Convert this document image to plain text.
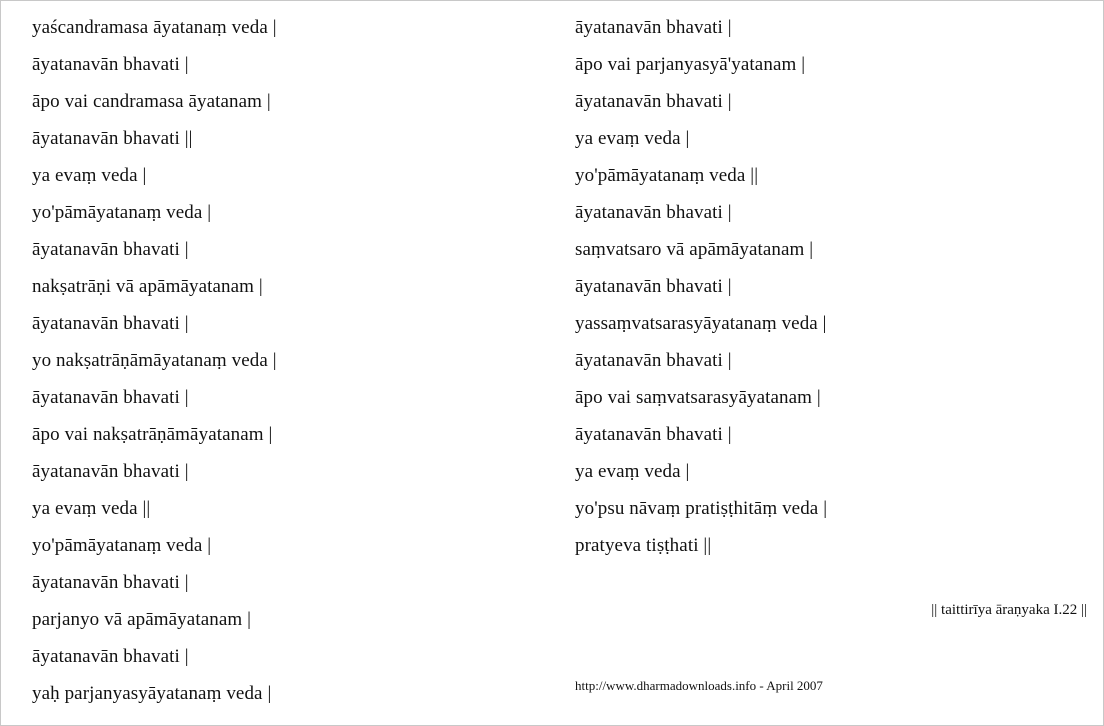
yaścandramasa āyatanaṃ veda |
āyatanavān bhavati |
āpo vai candramasa āyatanam |
āyatanavān bhavati ||
ya evaṃ veda |
yo'pāmāyatanaṃ veda |
āyatanavān bhavati |
nakṣatrāṇi vā apāmāyatanam |
āyatanavān bhavati |
yo nakṣatrāṇāmāyatanaṃ veda |
āyatanavān bhavati |
āpo vai nakṣatrāṇāmāyatanam |
āyatanavān bhavati |
ya evaṃ veda ||
yo'pāmāyatanaṃ veda |
āyatanavān bhavati |
parjanyo vā apāmāyatanam |
āyatanavān bhavati |
yaḥ parjanyasyāyatanaṃ veda |
āyatanavān bhavati |
āpo vai parjanyasyā'yatanam |
āyatanavān bhavati |
ya evaṃ veda |
yo'pāmāyatanaṃ veda ||
āyatanavān bhavati |
saṃvatsaro vā apāmāyatanam |
āyatanavān bhavati |
yassaṃvatsarasyāyatanaṃ veda |
āyatanavān bhavati |
āpo vai saṃvatsarasyāyatanam |
āyatanavān bhavati |
ya evaṃ veda |
yo'psu nāvaṃ pratiṣṭhitāṃ veda |
pratyeva tiṣṭhati ||
|| taittirīya āraṇyaka I.22 ||
http://www.dharmadownloads.info - April 2007
